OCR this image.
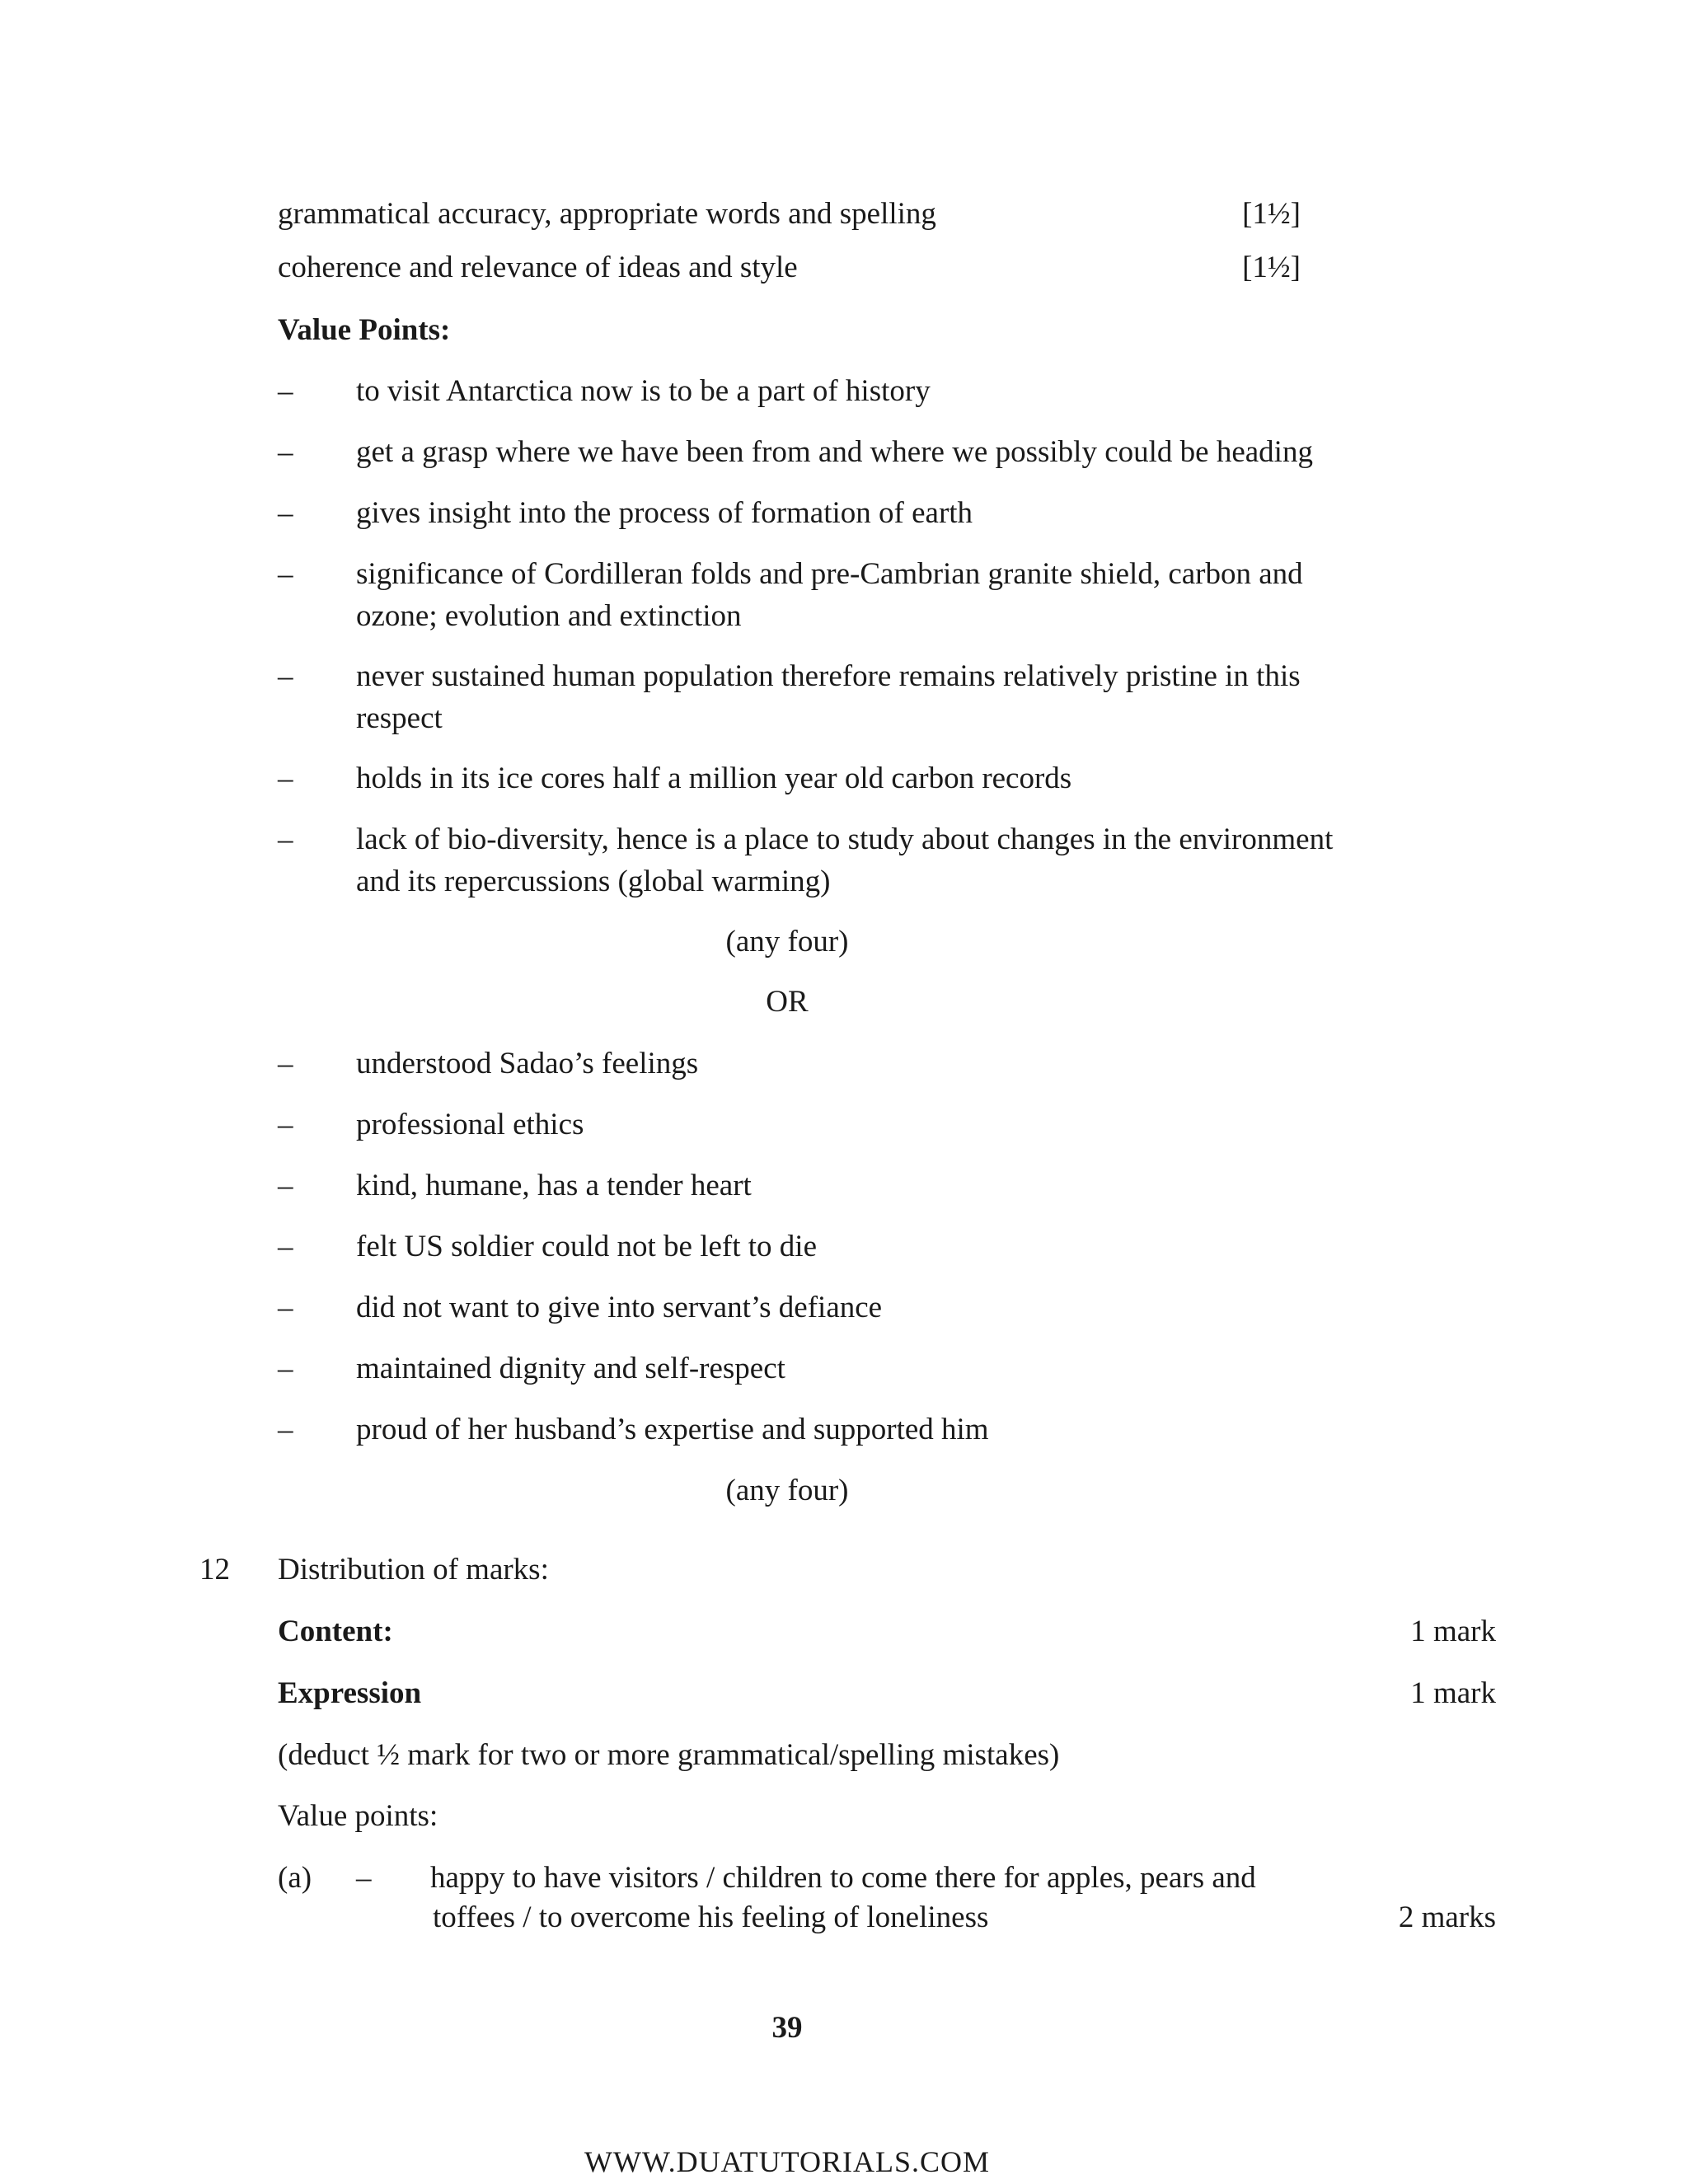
grammatical accuracy, appropriate words and spelling	[1½]
coherence and relevance of ideas and style	[1½]
Value Points:
– to visit Antarctica now is to be a part of history
– get a grasp where we have been from and where we possibly could be heading
– gives insight into the process of formation of earth
– significance of Cordilleran folds and pre-Cambrian granite shield, carbon and
ozone; evolution and extinction
– never sustained human population therefore remains relatively pristine in this
respect
– holds in its ice cores half a million year old carbon records
– lack of bio-diversity, hence is a place to study about changes in the environment
and its repercussions (global warming)
(any four)
OR
– understood Sadao’s feelings
– professional ethics
– kind, humane, has a tender heart
– felt US soldier could not be left to die
– did not want to give into servant’s defiance
– maintained dignity and self-respect
– proud of her husband’s expertise and supported him
(any four)
12 Distribution of marks:
Content:	1 mark
Expression	1 mark
(deduct ½ mark for two or more grammatical/spelling mistakes)
Value points:
(a) – happy to have visitors / children to come there for apples, pears and
toffees / to overcome his feeling of loneliness	2 marks
39
WWW.DUATUTORIALS.COM
